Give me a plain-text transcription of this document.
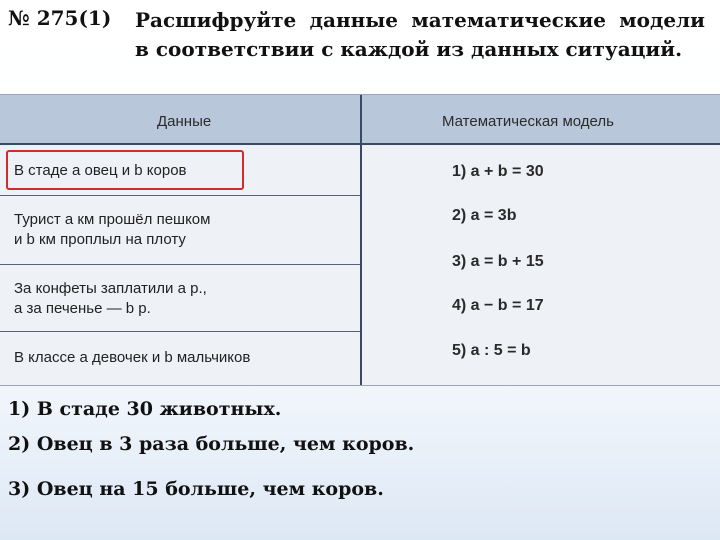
№ 275(1) Расшифруйте данные математические модели в соответствии с каждой из данных ситуаций.
Данные	Математическая модель
В стаде a овец и b коров
Турист a км прошёл пешком
и b км проплыл на плоту
За конфеты заплатили a р.,
а за печенье — b р.
В классе a девочек и b мальчиков
1) a + b = 30
2) a = 3b
3) a = b + 15
4) a − b = 17
5) a : 5 = b
1) В стаде 30 животных.
2) Овец в 3 раза больше, чем коров.
3) Овец на 15 больше, чем коров.
